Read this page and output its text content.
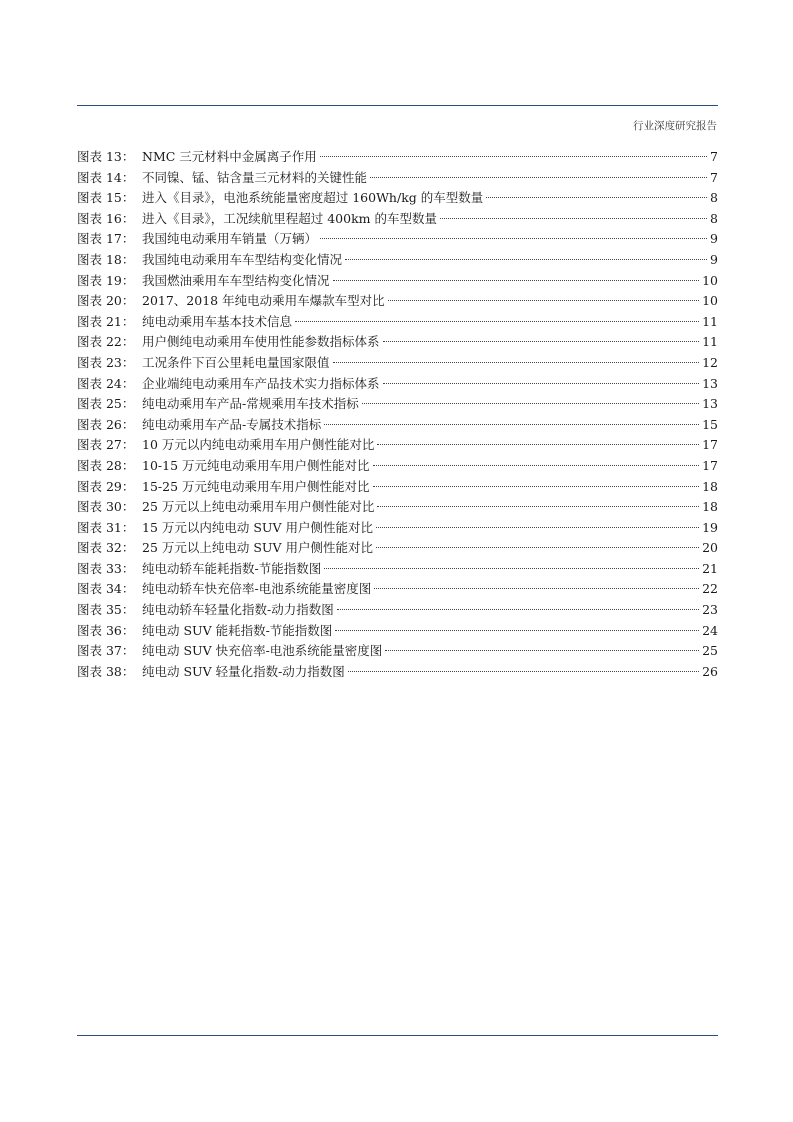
行业深度研究报告
图表 13： NMC 三元材料中金属离子作用	7
图表 14： 不同镍、锰、钴含量三元材料的关键性能	7
图表 15： 进入《目录》，电池系统能量密度超过 160Wh/kg 的车型数量	8
图表 16： 进入《目录》，工况续航里程超过 400km 的车型数量	8
图表 17： 我国纯电动乘用车销量（万辆）	9
图表 18： 我国纯电动乘用车车型结构变化情况	9
图表 19： 我国燃油乘用车车型结构变化情况	10
图表 20： 2017、2018 年纯电动乘用车爆款车型对比	10
图表 21： 纯电动乘用车基本技术信息	11
图表 22： 用户侧纯电动乘用车使用性能参数指标体系	11
图表 23： 工况条件下百公里耗电量国家限值	12
图表 24： 企业端纯电动乘用车产品技术实力指标体系	13
图表 25： 纯电动乘用车产品-常规乘用车技术指标	13
图表 26： 纯电动乘用车产品-专属技术指标	15
图表 27： 10 万元以内纯电动乘用车用户侧性能对比	17
图表 28： 10-15 万元纯电动乘用车用户侧性能对比	17
图表 29： 15-25 万元纯电动乘用车用户侧性能对比	18
图表 30： 25 万元以上纯电动乘用车用户侧性能对比	18
图表 31： 15 万元以内纯电动 SUV 用户侧性能对比	19
图表 32： 25 万元以上纯电动 SUV 用户侧性能对比	20
图表 33： 纯电动轿车能耗指数-节能指数图	21
图表 34： 纯电动轿车快充倍率-电池系统能量密度图	22
图表 35： 纯电动轿车轻量化指数-动力指数图	23
图表 36： 纯电动 SUV 能耗指数-节能指数图	24
图表 37： 纯电动 SUV 快充倍率-电池系统能量密度图	25
图表 38： 纯电动 SUV 轻量化指数-动力指数图	26
